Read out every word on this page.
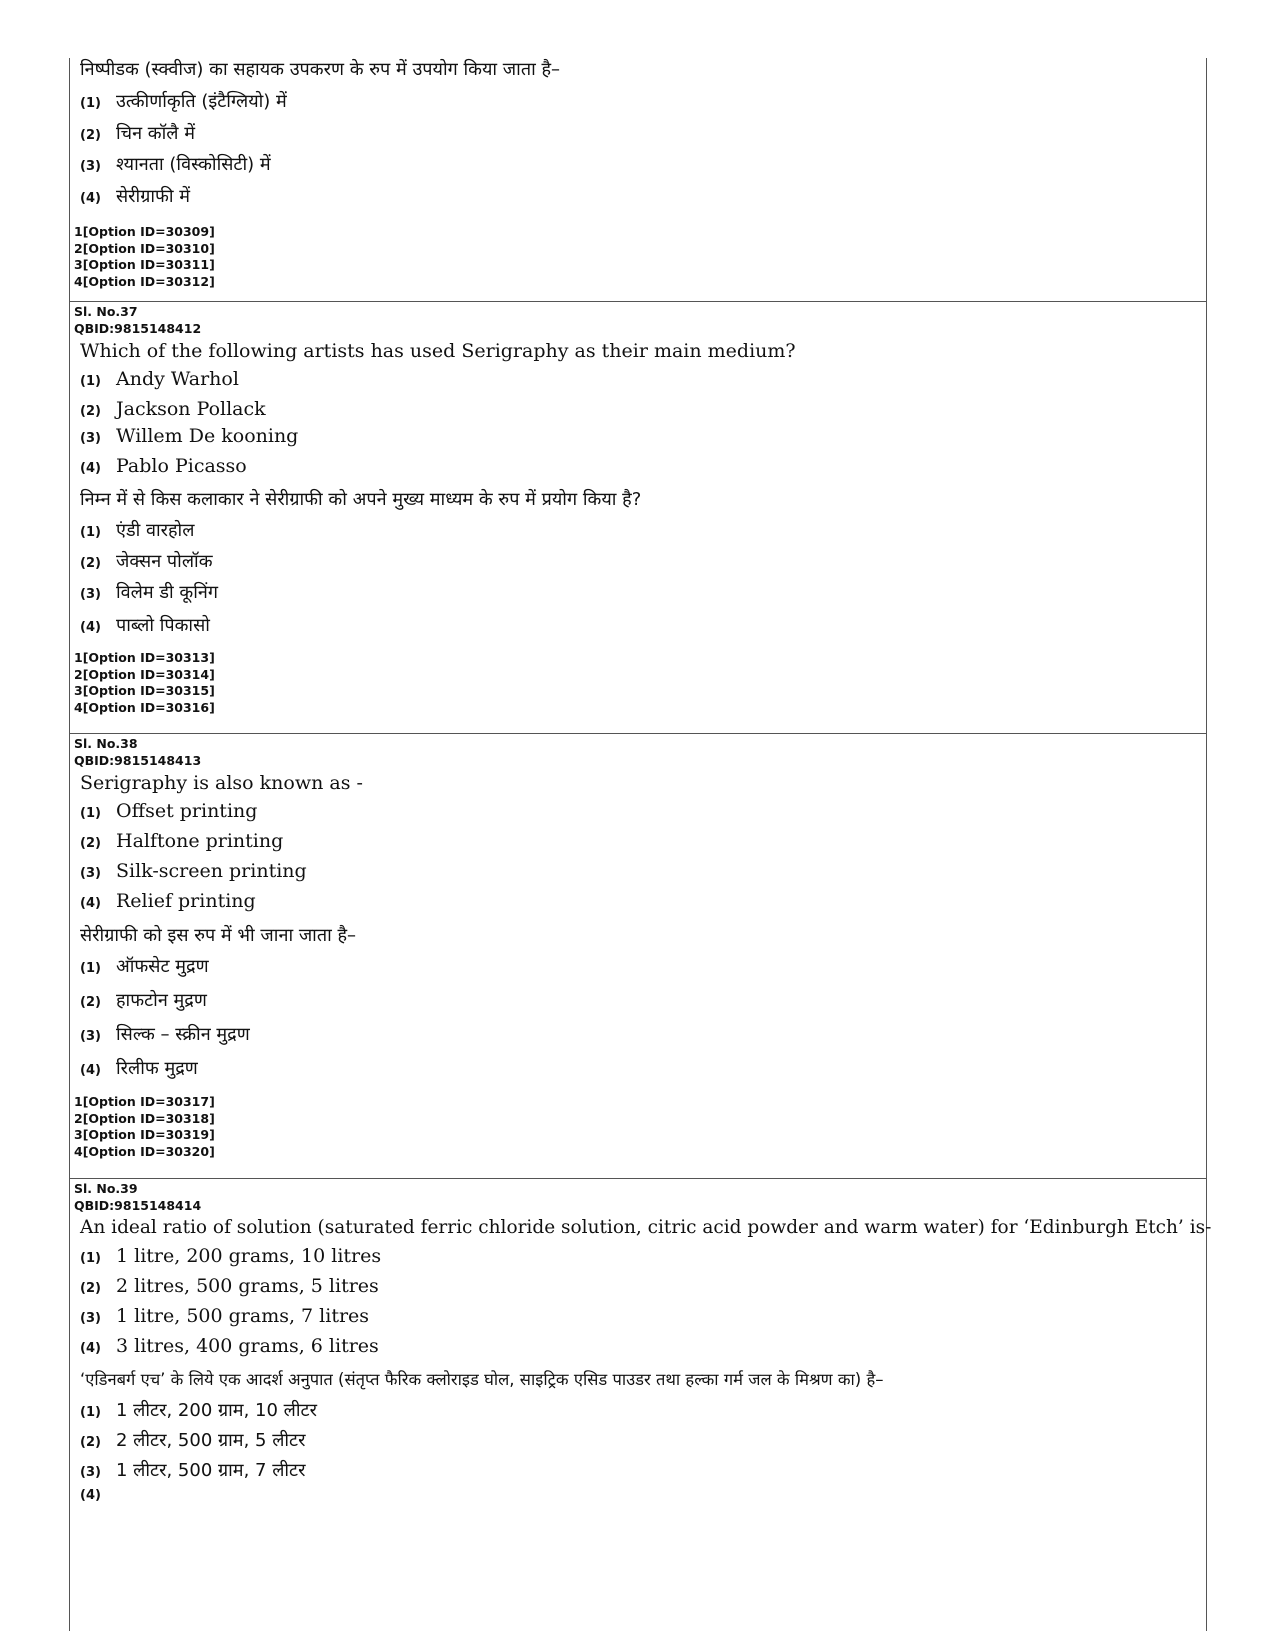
निष्पीडक (स्क्वीज) का सहायक उपकरण के रुप में उपयोग किया जाता है–
(1) उत्कीर्णाकृति (इंटैग्लियो) में
(2) चिन कॉलै में
(3) श्यानता (विस्कोसिटी) में
(4) सेरीग्राफी में
1[Option ID=30309]
2[Option ID=30310]
3[Option ID=30311]
4[Option ID=30312]
Sl. No.37
QBID:9815148412
Which of the following artists has used Serigraphy as their main medium?
(1) Andy Warhol
(2) Jackson Pollack
(3) Willem De kooning
(4) Pablo Picasso
निम्न में से किस कलाकार ने सेरीग्राफी को अपने मुख्य माध्यम के रुप में प्रयोग किया है?
(1) एंडी वारहोल
(2) जेक्सन पोलॉक
(3) विलेम डी कूनिंग
(4) पाब्लो पिकासो
1[Option ID=30313]
2[Option ID=30314]
3[Option ID=30315]
4[Option ID=30316]
Sl. No.38
QBID:9815148413
Serigraphy is also known as -
(1) Offset printing
(2) Halftone printing
(3) Silk-screen printing
(4) Relief printing
सेरीग्राफी को इस रुप में भी जाना जाता है–
(1) ऑफसेट मुद्रण
(2) हाफटोन मुद्रण
(3) सिल्क – स्क्रीन मुद्रण
(4) रिलीफ मुद्रण
1[Option ID=30317]
2[Option ID=30318]
3[Option ID=30319]
4[Option ID=30320]
Sl. No.39
QBID:9815148414
An ideal ratio of solution (saturated ferric chloride solution, citric acid powder and warm water) for ‘Edinburgh Etch’ is-
(1) 1 litre, 200 grams, 10 litres
(2) 2 litres, 500 grams, 5 litres
(3) 1 litre, 500 grams, 7 litres
(4) 3 litres, 400 grams, 6 litres
‘एडिनबर्ग एच’ के लिये एक आदर्श अनुपात (संतृप्त फैरिक क्लोराइड घोल, साइट्रिक एसिड पाउडर तथा हल्का गर्म जल के मिश्रण का) है–
(1) 1 लीटर, 200 ग्राम, 10 लीटर
(2) 2 लीटर, 500 ग्राम, 5 लीटर
(3) 1 लीटर, 500 ग्राम, 7 लीटर
(4)
